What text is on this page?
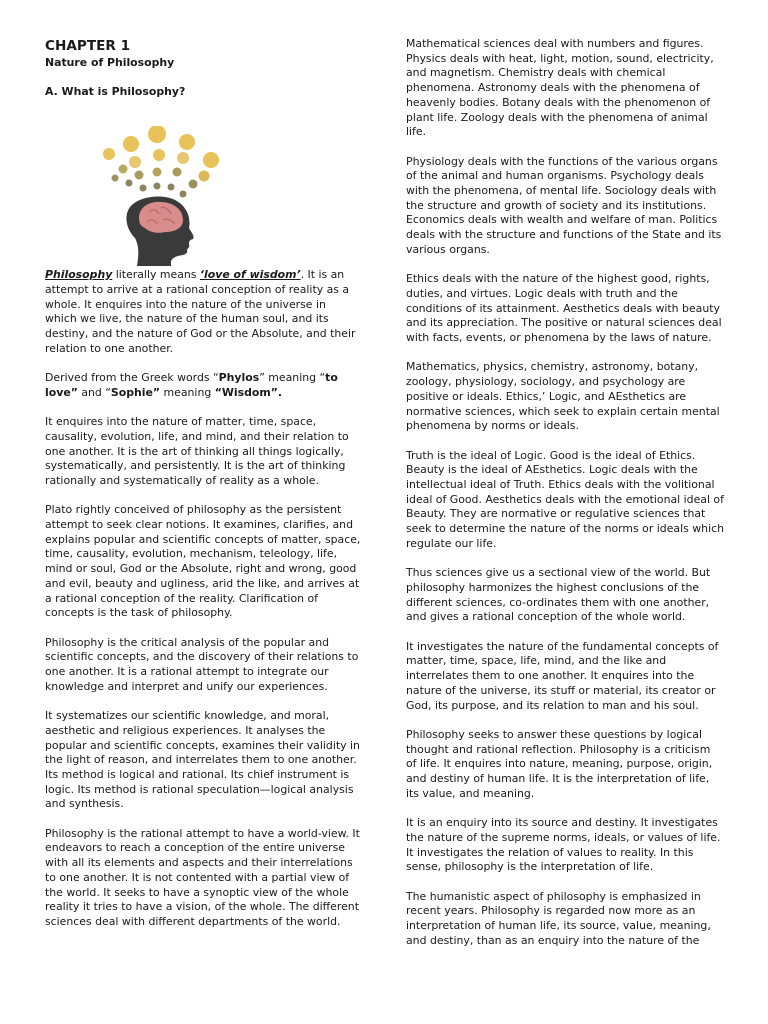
CHAPTER 1

Nature of Philosophy

A. What is Philosophy?

Philosophy literally means ‘love of wisdom’. It is an attempt to arrive at a rational conception of reality as a whole. It enquires into the nature of the universe in which we live, the nature of the human soul, and its destiny, and the nature of God or the Absolute, and their relation to one another.

Derived from the Greek words “Phylos” meaning “to love” and “Sophie” meaning “Wisdom”.

It enquires into the nature of matter, time, space, causality, evolution, life, and mind, and their relation to one another. It is the art of thinking all things logically, systematically, and persistently. It is the art of thinking rationally and systematically of reality as a whole.

Plato rightly conceived of philosophy as the persistent attempt to seek clear notions. It examines, clarifies, and explains popular and scientific concepts of matter, space, time, causality, evolution, mechanism, teleology, life, mind or soul, God or the Absolute, right and wrong, good and evil, beauty and ugliness, arid the like, and arrives at a rational conception of the reality. Clarification of concepts is the task of philosophy.

Philosophy is the critical analysis of the popular and scientific concepts, and the discovery of their relations to one another. It is a rational attempt to integrate our knowledge and interpret and unify our experiences.

It systematizes our scientific knowledge, and moral, aesthetic and religious experiences. It analyses the popular and scientific concepts, examines their validity in the light of reason, and interrelates them to one another. Its method is logical and rational. Its chief instrument is logic. Its method is rational speculation—logical analysis and synthesis.

Philosophy is the rational attempt to have a world-view. It endeavors to reach a conception of the entire universe with all its elements and aspects and their interrelations to one another. It is not contented with a partial view of the world. It seeks to have a synoptic view of the whole reality it tries to have a vision, of the whole. The different sciences deal with different departments of the world.

Mathematical sciences deal with numbers and figures. Physics deals with heat, light, motion, sound, electricity, and magnetism. Chemistry deals with chemical phenomena. Astronomy deals with the phenomena of heavenly bodies. Botany deals with the phenomenon of plant life. Zoology deals with the phenomena of animal life.

Physiology deals with the functions of the various organs of the animal and human organisms. Psychology deals with the phenomena, of mental life. Sociology deals with the structure and growth of society and its institutions. Economics deals with wealth and welfare of man. Politics deals with the structure and functions of the State and its various organs.

Ethics deals with the nature of the highest good, rights, duties, and virtues. Logic deals with truth and the conditions of its attainment. Aesthetics deals with beauty and its appreciation. The positive or natural sciences deal with facts, events, or phenomena by the laws of nature.

Mathematics, physics, chemistry, astronomy, botany, zoology, physiology, sociology, and psychology are positive or ideals. Ethics,’ Logic, and AEsthetics are normative sciences, which seek to explain certain mental phenomena by norms or ideals.

Truth is the ideal of Logic. Good is the ideal of Ethics. Beauty is the ideal of AEsthetics. Logic deals with the intellectual ideal of Truth. Ethics deals with the volitional ideal of Good. Aesthetics deals with the emotional ideal of Beauty. They are normative or regulative sciences that seek to determine the nature of the norms or ideals which regulate our life.

Thus sciences give us a sectional view of the world. But philosophy harmonizes the highest conclusions of the different sciences, co-ordinates them with one another, and gives a rational conception of the whole world.

It investigates the nature of the fundamental concepts of matter, time, space, life, mind, and the like and interrelates them to one another. It enquires into the nature of the universe, its stuff or material, its creator or God, its purpose, and its relation to man and his soul.

Philosophy seeks to answer these questions by logical thought and rational reflection. Philosophy is a criticism of life. It enquires into nature, meaning, purpose, origin, and destiny of human life. It is the interpretation of life, its value, and meaning.

It is an enquiry into its source and destiny. It investigates the nature of the supreme norms, ideals, or values of life. It investigates the relation of values to reality. In this sense, philosophy is the interpretation of life.

The humanistic aspect of philosophy is emphasized in recent years. Philosophy is regarded now more as an interpretation of human life, its source, value, meaning, and destiny, than as an enquiry into the nature of the
